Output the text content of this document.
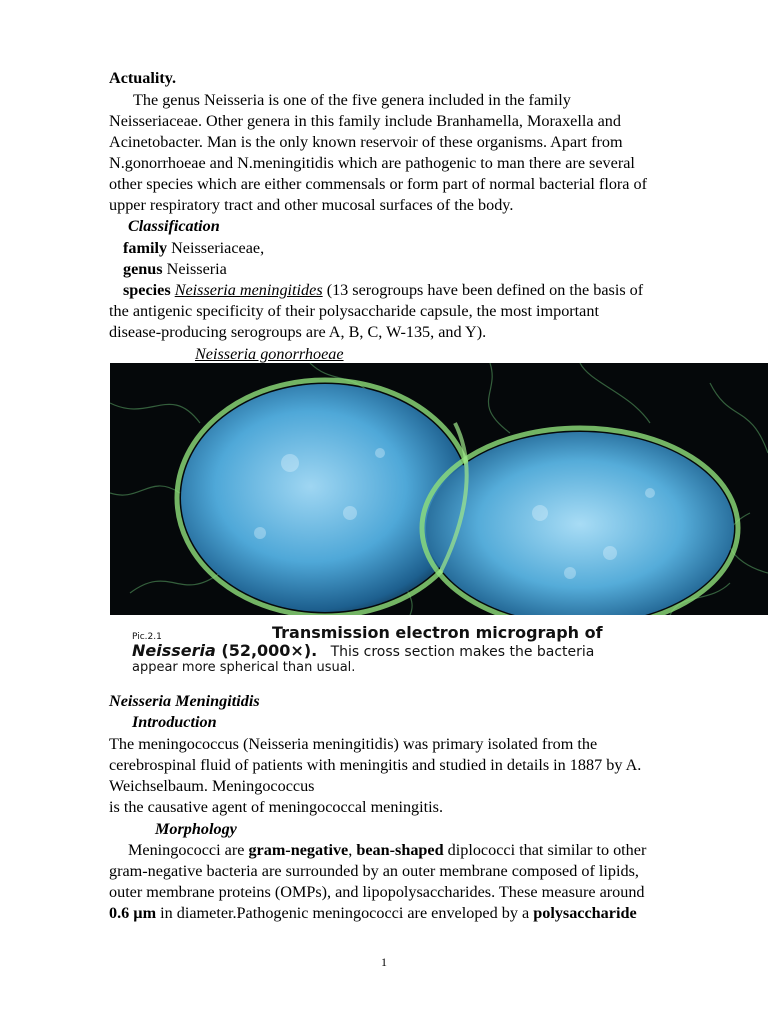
Actuality.
The genus Neisseria is one of the five genera included in the family
Neisseriaceae. Other genera in this family include Branhamella, Moraxella and
Acinetobacter. Man is the only known reservoir of these organisms. Apart from
N.gonorrhoeae and N.meningitidis which are pathogenic to man there are several
other species which are either commensals or form part of normal bacterial flora of
upper respiratory tract and other mucosal surfaces of the body.
Classification
family Neisseriaceae,
genus Neisseria
species Neisseria meningitides (13 serogroups have been defined on the basis of
the antigenic specificity of their polysaccharide capsule, the most important
disease-producing serogroups are A, B, C, W-135, and Y).
Neisseria gonorrhoeae
Pic.2.1	Transmission electron micrograph of
Neisseria (52,000×). This cross section makes the bacteria
appear more spherical than usual.
Neisseria Meningitidis
Introduction
The meningococcus (Neisseria meningitidis) was primary isolated from the
cerebrospinal fluid of patients with meningitis and studied in details in 1887 by A.
Weichselbaum. Meningococcus
is the causative agent of meningococcal meningitis.
Morphology
Meningococci are gram-negative, bean-shaped diplococci that similar to other
gram-negative bacteria are surrounded by an outer membrane composed of lipids,
outer membrane proteins (OMPs), and lipopolysaccharides. These measure around
0.6 µm in diameter.Pathogenic meningococci are enveloped by a polysaccharide
1
